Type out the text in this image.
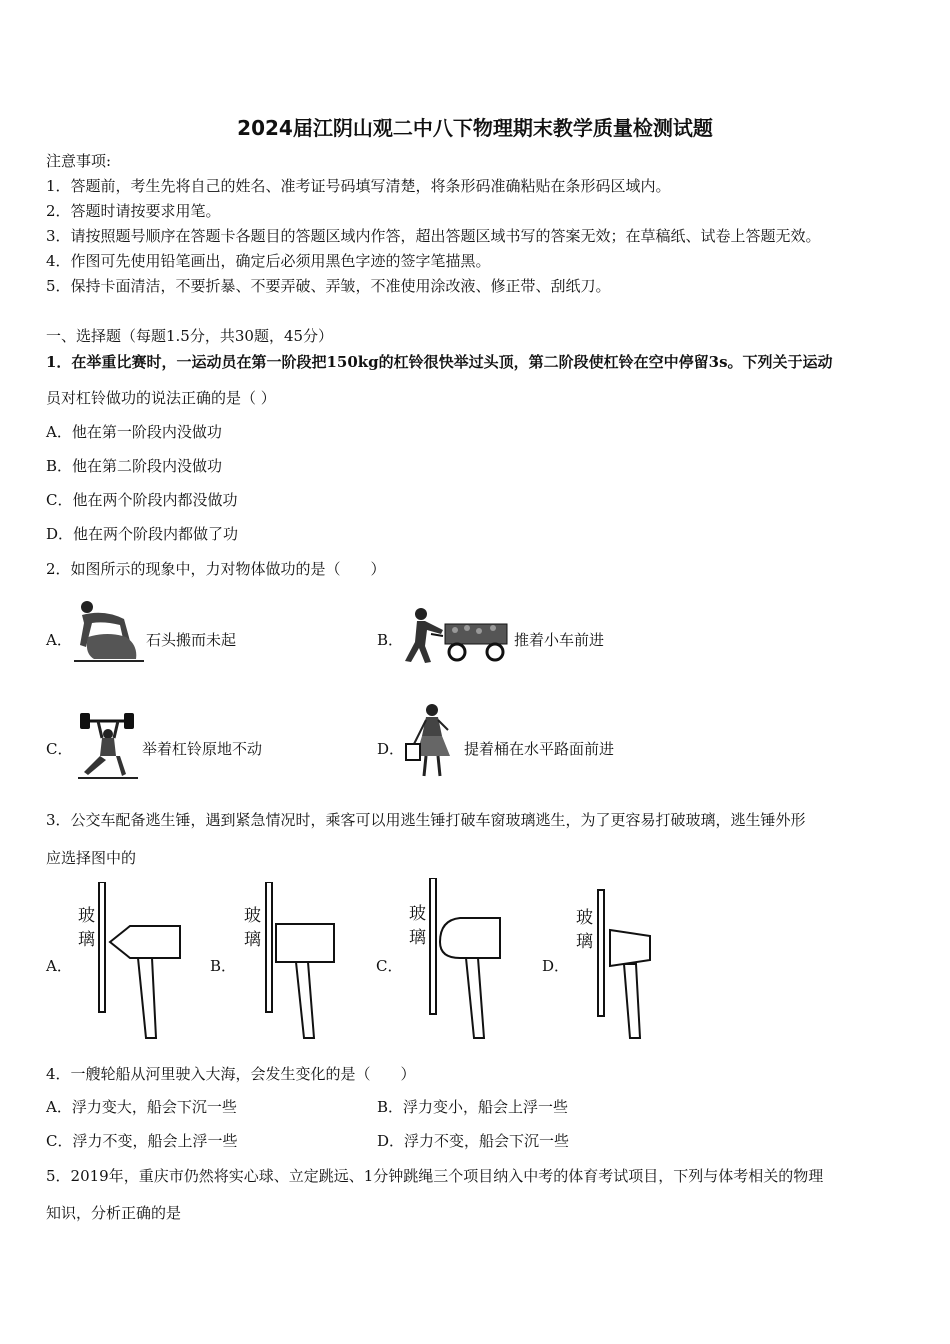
2024届江阴山观二中八下物理期末教学质量检测试题
注意事项:
1．答题前，考生先将自己的姓名、准考证号码填写清楚，将条形码准确粘贴在条形码区域内。
2．答题时请按要求用笔。
3．请按照题号顺序在答题卡各题目的答题区域内作答，超出答题区域书写的答案无效；在草稿纸、试卷上答题无效。
4．作图可先使用铅笔画出，确定后必须用黑色字迹的签字笔描黑。
5．保持卡面清洁，不要折暴、不要弄破、弄皱，不准使用涂改液、修正带、刮纸刀。
一、选择题（每题1.5分，共30题，45分）
1．在举重比赛时，一运动员在第一阶段把150kg的杠铃很快举过头顶，第二阶段使杠铃在空中停留3s。下列关于运动
员对杠铃做功的说法正确的是（ ）
A．他在第一阶段内没做功
B．他在第二阶段内没做功
C．他在两个阶段内都没做功
D．他在两个阶段内都做了功
2．如图所示的现象中，力对物体做功的是（　　）
A．	石头搬而未起	B．	推着小车前进
C．	举着杠铃原地不动	D．	提着桶在水平路面前进
3．公交车配备逃生锤，遇到紧急情况时，乘客可以用逃生锤打破车窗玻璃逃生，为了更容易打破玻璃，逃生锤外形
应选择图中的
A．
玻
璃
B．
玻
璃
C．
玻
璃
D．
玻
璃
4．一艘轮船从河里驶入大海，会发生变化的是（　　）
A．浮力变大，船会下沉一些	B．浮力变小，船会上浮一些
C．浮力不变，船会上浮一些	D．浮力不变，船会下沉一些
5．2019年，重庆市仍然将实心球、立定跳远、1分钟跳绳三个项目纳入中考的体育考试项目，下列与体考相关的物理
知识，分析正确的是
